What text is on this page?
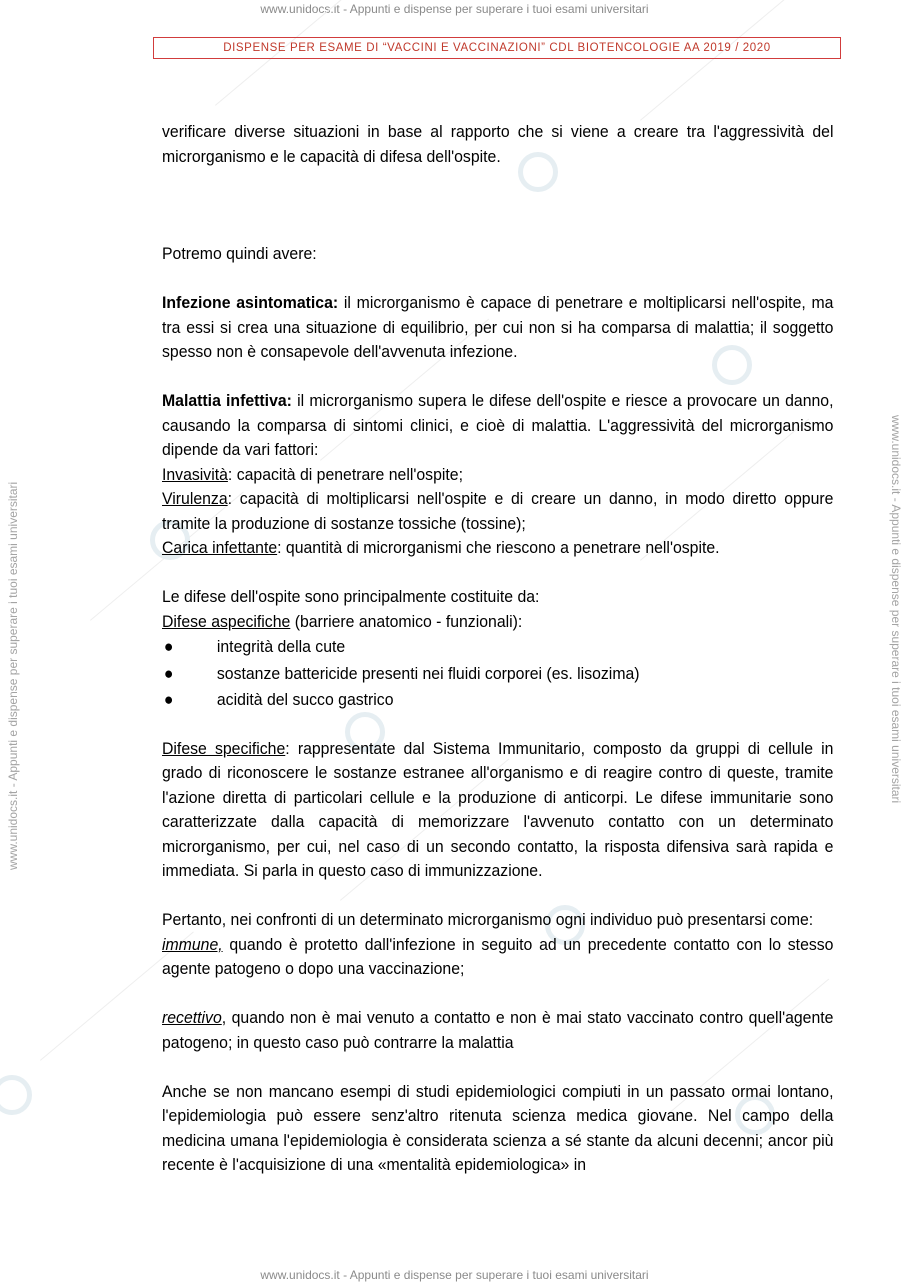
www.unidocs.it - Appunti e dispense per superare i tuoi esami universitari
www.unidocs.it - Appunti e dispense per superare i tuoi esami universitari
www.unidocs.it - Appunti e dispense per superare i tuoi esami universitari	www.unidocs.it - Appunti e dispense per superare i tuoi esami universitari
DISPENSE PER ESAME DI “VACCINI E VACCINAZIONI” CDL BIOTENCOLOGIE AA 2019 / 2020

verificare diverse situazioni in base al rapporto che si viene a creare tra l'aggressività del microrganismo e le capacità di difesa dell'ospite.

Potremo quindi avere:

Infezione asintomatica: il microrganismo è capace di penetrare e moltiplicarsi nell'ospite, ma tra essi si crea una situazione di equilibrio, per cui non si ha comparsa di malattia; il soggetto spesso non è consapevole dell'avvenuta infezione.

Malattia infettiva: il microrganismo supera le difese dell'ospite e riesce a provocare un danno, causando la comparsa di sintomi clinici, e cioè di malattia. L'aggressività del microrganismo dipende da vari fattori:

Invasività: capacità di penetrare nell'ospite;

Virulenza: capacità di moltiplicarsi nell'ospite e di creare un danno, in modo diretto oppure tramite la produzione di sostanze tossiche (tossine);

Carica infettante: quantità di microrganismi che riescono a penetrare nell'ospite.

Le difese dell'ospite sono principalmente costituite da:

Difese aspecifiche (barriere anatomico - funzionali):

●	integrità della cute
●	sostanze battericide presenti nei fluidi corporei (es. lisozima)
●	acidità del succo gastrico

Difese specifiche: rappresentate dal Sistema Immunitario, composto da gruppi di cellule in grado di riconoscere le sostanze estranee all'organismo e di reagire contro di queste, tramite l'azione diretta di particolari cellule e la produzione di anticorpi. Le difese immunitarie sono caratterizzate dalla capacità di memorizzare l'avvenuto contatto con un determinato microrganismo, per cui, nel caso di un secondo contatto, la risposta difensiva sarà rapida e immediata. Si parla in questo caso di immunizzazione.

Pertanto, nei confronti di un determinato microrganismo ogni individuo può presentarsi come:

immune, quando è protetto dall'infezione in seguito ad un precedente contatto con lo stesso agente patogeno o dopo una vaccinazione;

recettivo, quando non è mai venuto a contatto e non è mai stato vaccinato contro quell'agente patogeno; in questo caso può contrarre la malattia

Anche se non mancano esempi di studi epidemiologici compiuti in un passato ormai lontano, l'epidemiologia può essere senz'altro ritenuta scienza medica giovane. Nel campo della medicina umana l'epidemiologia è considerata scienza a sé stante da alcuni decenni; ancor più recente è l'acquisizione di una «mentalità epidemiologica» in
